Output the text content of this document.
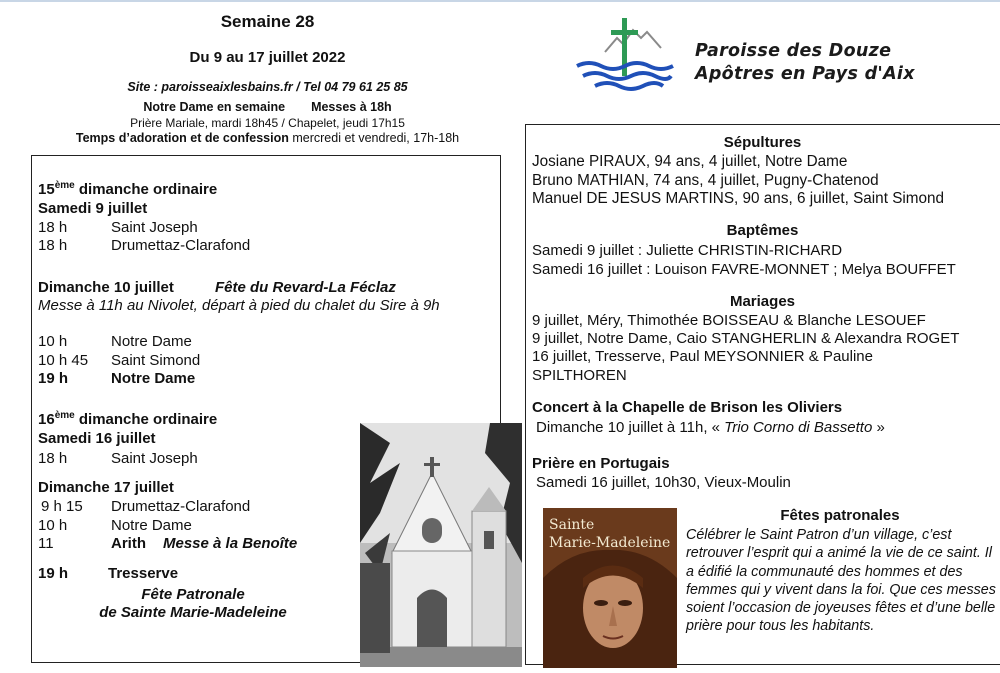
Semaine 28
Du 9 au 17 juillet 2022
Site : paroisseaixlesbains.fr / Tel 04 79 61 25 85
Notre Dame en semaine Messes à 18h
Prière Mariale, mardi 18h45 / Chapelet, jeudi 17h15
Temps d’adoration et de confession mercredi et vendredi, 17h-18h
Paroisse des Douze
Apôtres en Pays d'Aix
15ème dimanche ordinaire
Samedi 9 juillet
18 h	Saint Joseph
18 h	Drumettaz-Clarafond
Dimanche 10 juillet	Fête du Revard-La Féclaz
Messe à 11h au Nivolet, départ à pied du chalet du Sire à 9h
10 h	Notre Dame
10 h 45 Saint Simond
19 h	Notre Dame
16ème dimanche ordinaire
Samedi 16 juillet
18 h	Saint Joseph
Dimanche 17 juillet
9 h 15 Drumettaz-Clarafond
10 h	Notre Dame
11	Arith Messe à la Benoîte
19 h	Tresserve
Fête Patronale
de Sainte Marie-Madeleine
Sépultures
Josiane PIRAUX, 94 ans, 4 juillet, Notre Dame
Bruno MATHIAN, 74 ans, 4 juillet, Pugny-Chatenod
Manuel DE JESUS MARTINS, 90 ans, 6 juillet, Saint Simond
Baptêmes
Samedi 9 juillet : Juliette CHRISTIN-RICHARD
Samedi 16 juillet : Louison FAVRE-MONNET ; Melya BOUFFET
Mariages
9 juillet, Méry, Thimothée BOISSEAU & Blanche LESOUEF
9 juillet, Notre Dame, Caio STANGHERLIN & Alexandra ROGET
16 juillet, Tresserve, Paul MEYSONNIER & Pauline
SPILTHOREN
Concert à la Chapelle de Brison les Oliviers
Dimanche 10 juillet à 11h, « Trio Corno di Bassetto »
Prière en Portugais
Samedi 16 juillet, 10h30, Vieux-Moulin
Sainte
Marie-Madeleine
Fêtes patronales
Célébrer le Saint Patron d’un village, c’est retrouver l’esprit qui a animé la vie de ce saint. Il a édifié la communauté des hommes et des femmes qui y vivent dans la foi. Que ces messes soient l’occasion de joyeuses fêtes et d’une belle prière pour tous les habitants.
